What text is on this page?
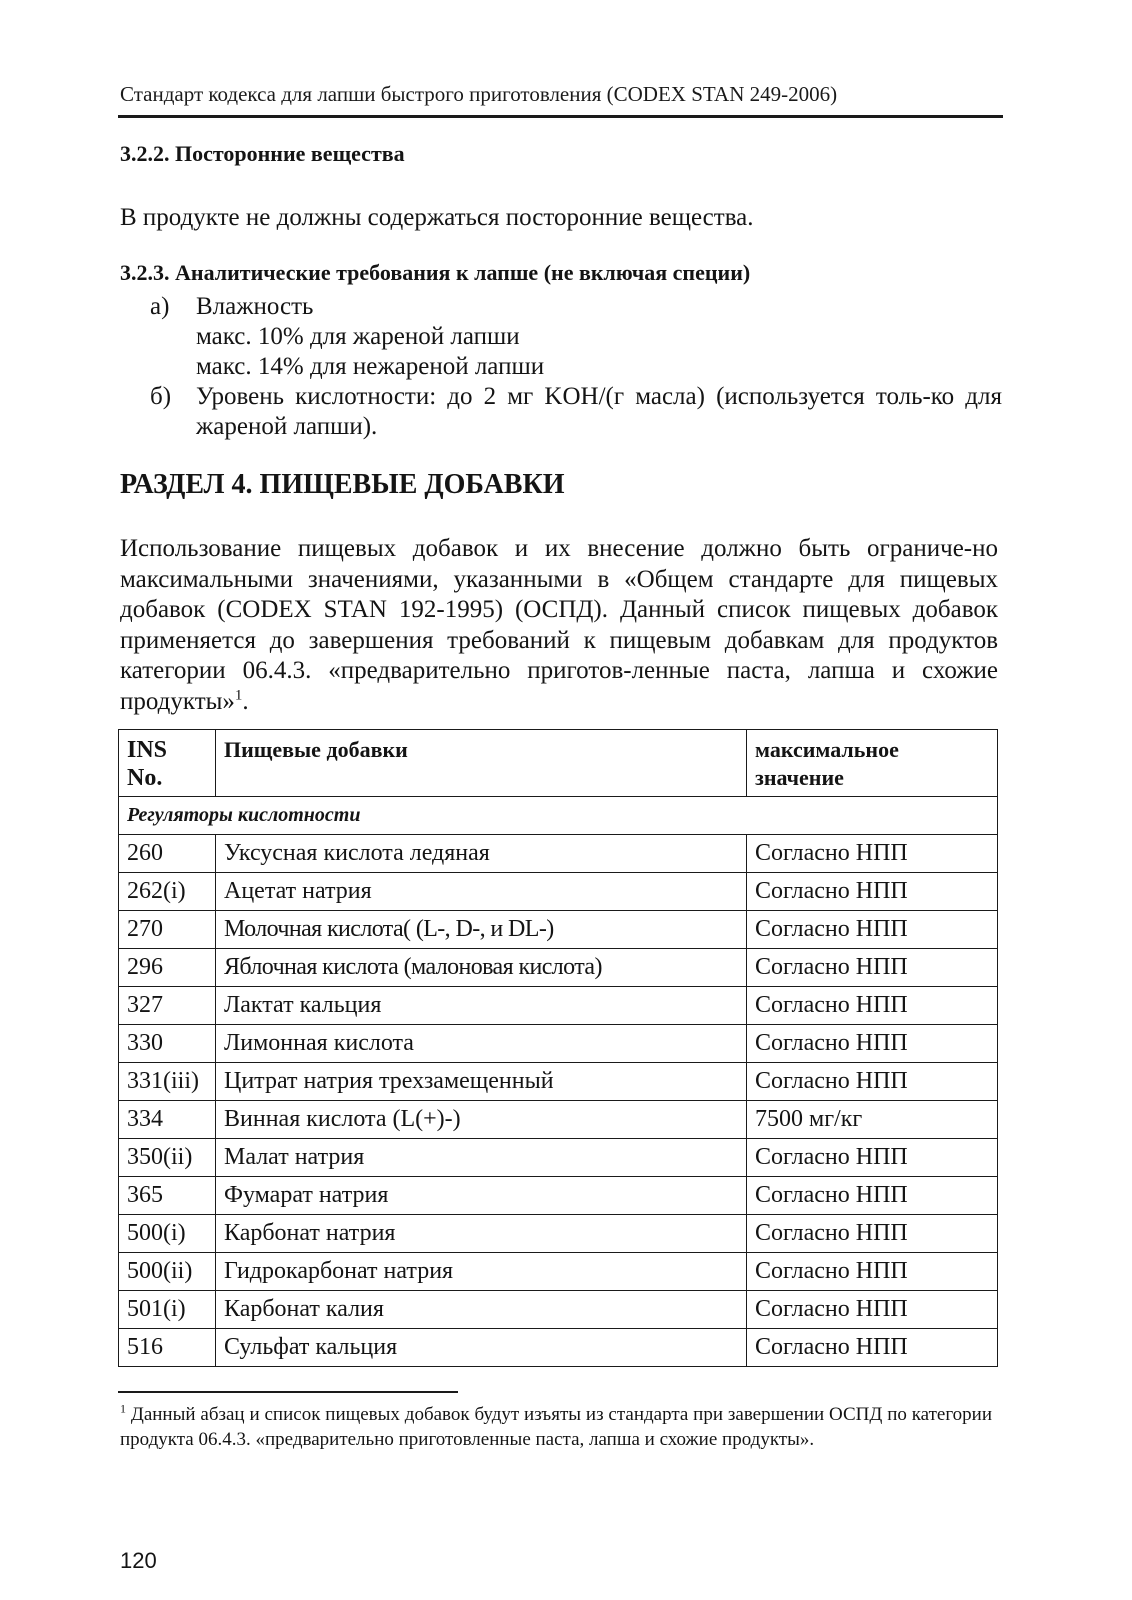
Стандарт кодекса для лапши быстрого приготовления (CODEX STAN 249-2006)
3.2.2. Посторонние вещества
В продукте не должны содержаться посторонние вещества.
3.2.3. Аналитические требования к лапше (не включая специи)
а)	Влажность
макс. 10% для жареной лапши
макс. 14% для нежареной лапши
б) Уровень кислотности: до 2 мг KOH/(г масла) (используется толь-ко для жареной лапши).
РАЗДЕЛ 4. ПИЩЕВЫЕ ДОБАВКИ
Использование пищевых добавок и их внесение должно быть ограниче-но максимальными значениями, указанными в «Общем стандарте для пищевых добавок (CODEX STAN 192-1995) (ОСПД). Данный список пищевых добавок применяется до завершения требований к пищевым добавкам для продуктов категории 06.4.3. «предварительно приготов-ленные паста, лапша и схожие продукты»$^1$.
INS No.	Пищевые добавки	максимальное значение
Регуляторы кислотности		
260	Уксусная кислота ледяная	Согласно НПП
262(i)	Ацетат натрия	Согласно НПП
270	Молочная кислота( (L-, D-, и DL-)	Согласно НПП
296	Яблочная кислота (малоновая кислота)	Согласно НПП
327	Лактат кальция	Согласно НПП
330	Лимонная кислота	Согласно НПП
331(iii)	Цитрат натрия трехзамещенный	Согласно НПП
334	Винная кислота (L(+)-)	7500 мг/кг
350(ii)	Малат натрия	Согласно НПП
365	Фумарат натрия	Согласно НПП
500(i)	Карбонат натрия	Согласно НПП
500(ii)	Гидрокарбонат натрия	Согласно НПП
501(i)	Карбонат калия	Согласно НПП
516	Сульфат кальция	Согласно НПП
$^1$ Данный абзац и список пищевых добавок будут изъяты из стандарта при завершении ОСПД по категории продукта 06.4.3. «предварительно приготовленные паста, лапша и схожие продукты».
120
